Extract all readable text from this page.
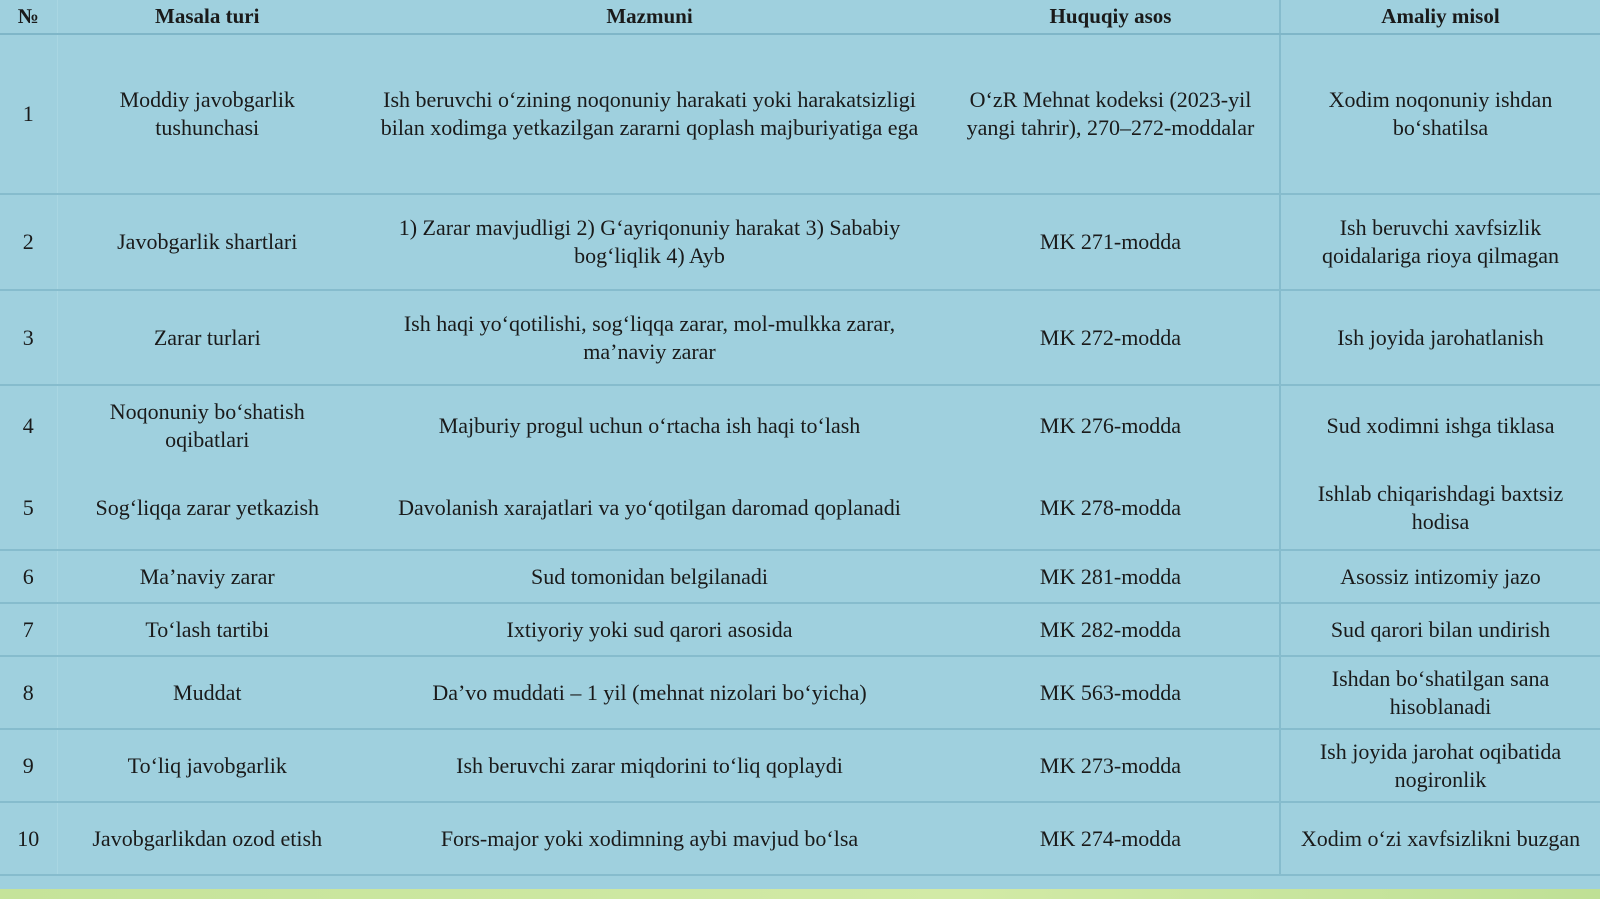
№	Masala turi	Mazmuni	Huquqiy asos	Amaliy misol
1	Moddiy javobgarlik tushunchasi	Ish beruvchi o‘zining noqonuniy harakati yoki harakatsizligi bilan xodimga yetkazilgan zararni qoplash majburiyatiga ega	O‘zR Mehnat kodeksi (2023-yil yangi tahrir), 270–272-moddalar	Xodim noqonuniy ishdan bo‘shatilsa
2	Javobgarlik shartlari	1) Zarar mavjudligi 2) G‘ayriqonuniy harakat 3) Sababiy bog‘liqlik 4) Ayb	MK 271-modda	Ish beruvchi xavfsizlik qoidalariga rioya qilmagan
3	Zarar turlari	Ish haqi yo‘qotilishi, sog‘liqqa zarar, mol-mulkka zarar, ma’naviy zarar	MK 272-modda	Ish joyida jarohatlanish
4	Noqonuniy bo‘shatish oqibatlari	Majburiy progul uchun o‘rtacha ish haqi to‘lash	MK 276-modda	Sud xodimni ishga tiklasa
5	Sog‘liqqa zarar yetkazish	Davolanish xarajatlari va yo‘qotilgan daromad qoplanadi	MK 278-modda	Ishlab chiqarishdagi baxtsiz hodisa
6	Ma’naviy zarar	Sud tomonidan belgilanadi	MK 281-modda	Asossiz intizomiy jazo
7	To‘lash tartibi	Ixtiyoriy yoki sud qarori asosida	MK 282-modda	Sud qarori bilan undirish
8	Muddat	Da’vo muddati – 1 yil (mehnat nizolari bo‘yicha)	MK 563-modda	Ishdan bo‘shatilgan sana hisoblanadi
9	To‘liq javobgarlik	Ish beruvchi zarar miqdorini to‘liq qoplaydi	MK 273-modda	Ish joyida jarohat oqibatida nogironlik
10	Javobgarlikdan ozod etish	Fors-major yoki xodimning aybi mavjud bo‘lsa	MK 274-modda	Xodim o‘zi xavfsizlikni buzgan
